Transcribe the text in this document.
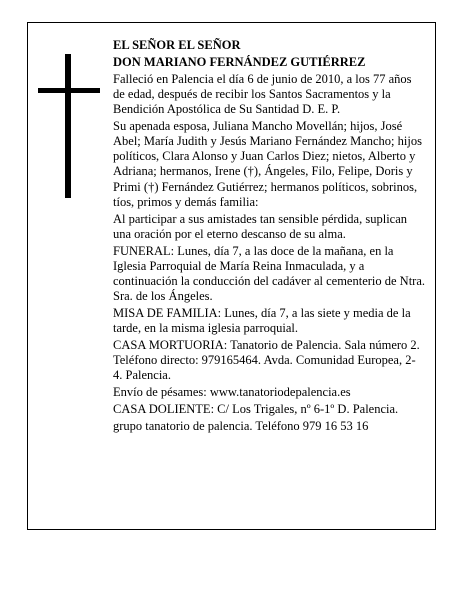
EL SEÑOR EL SEÑOR

DON MARIANO FERNÁNDEZ GUTIÉRREZ

Falleció en Palencia el día 6 de junio de 2010, a los 77 años de edad, después de recibir los Santos Sacramentos y la Bendición Apostólica de Su Santidad D. E. P.

Su apenada esposa, Juliana Mancho Movellán; hijos, José Abel; María Judith y Jesús Mariano Fernández Mancho; hijos políticos, Clara Alonso y Juan Carlos Diez; nietos, Alberto y Adriana; hermanos, Irene (†), Ángeles, Filo, Felipe, Doris y Primi (†) Fernández Gutiérrez; hermanos políticos, sobrinos, tíos, primos y demás familia:

Al participar a sus amistades tan sensible pérdida, suplican una oración por el eterno descanso de su alma.

FUNERAL: Lunes, día 7, a las doce de la mañana, en la Iglesia Parroquial de María Reina Inmaculada, y a continuación la conducción del cadáver al cementerio de Ntra. Sra. de los Ángeles.

MISA DE FAMILIA: Lunes, día 7, a las siete y media de la tarde, en la misma iglesia parroquial.

CASA MORTUORIA: Tanatorio de Palencia. Sala número 2. Teléfono directo: 979165464. Avda. Comunidad Europea, 2-4. Palencia.

Envío de pésames: www.tanatoriodepalencia.es

CASA DOLIENTE: C/ Los Trigales, nº 6-1º D. Palencia.

grupo tanatorio de palencia. Teléfono 979 16 53 16
